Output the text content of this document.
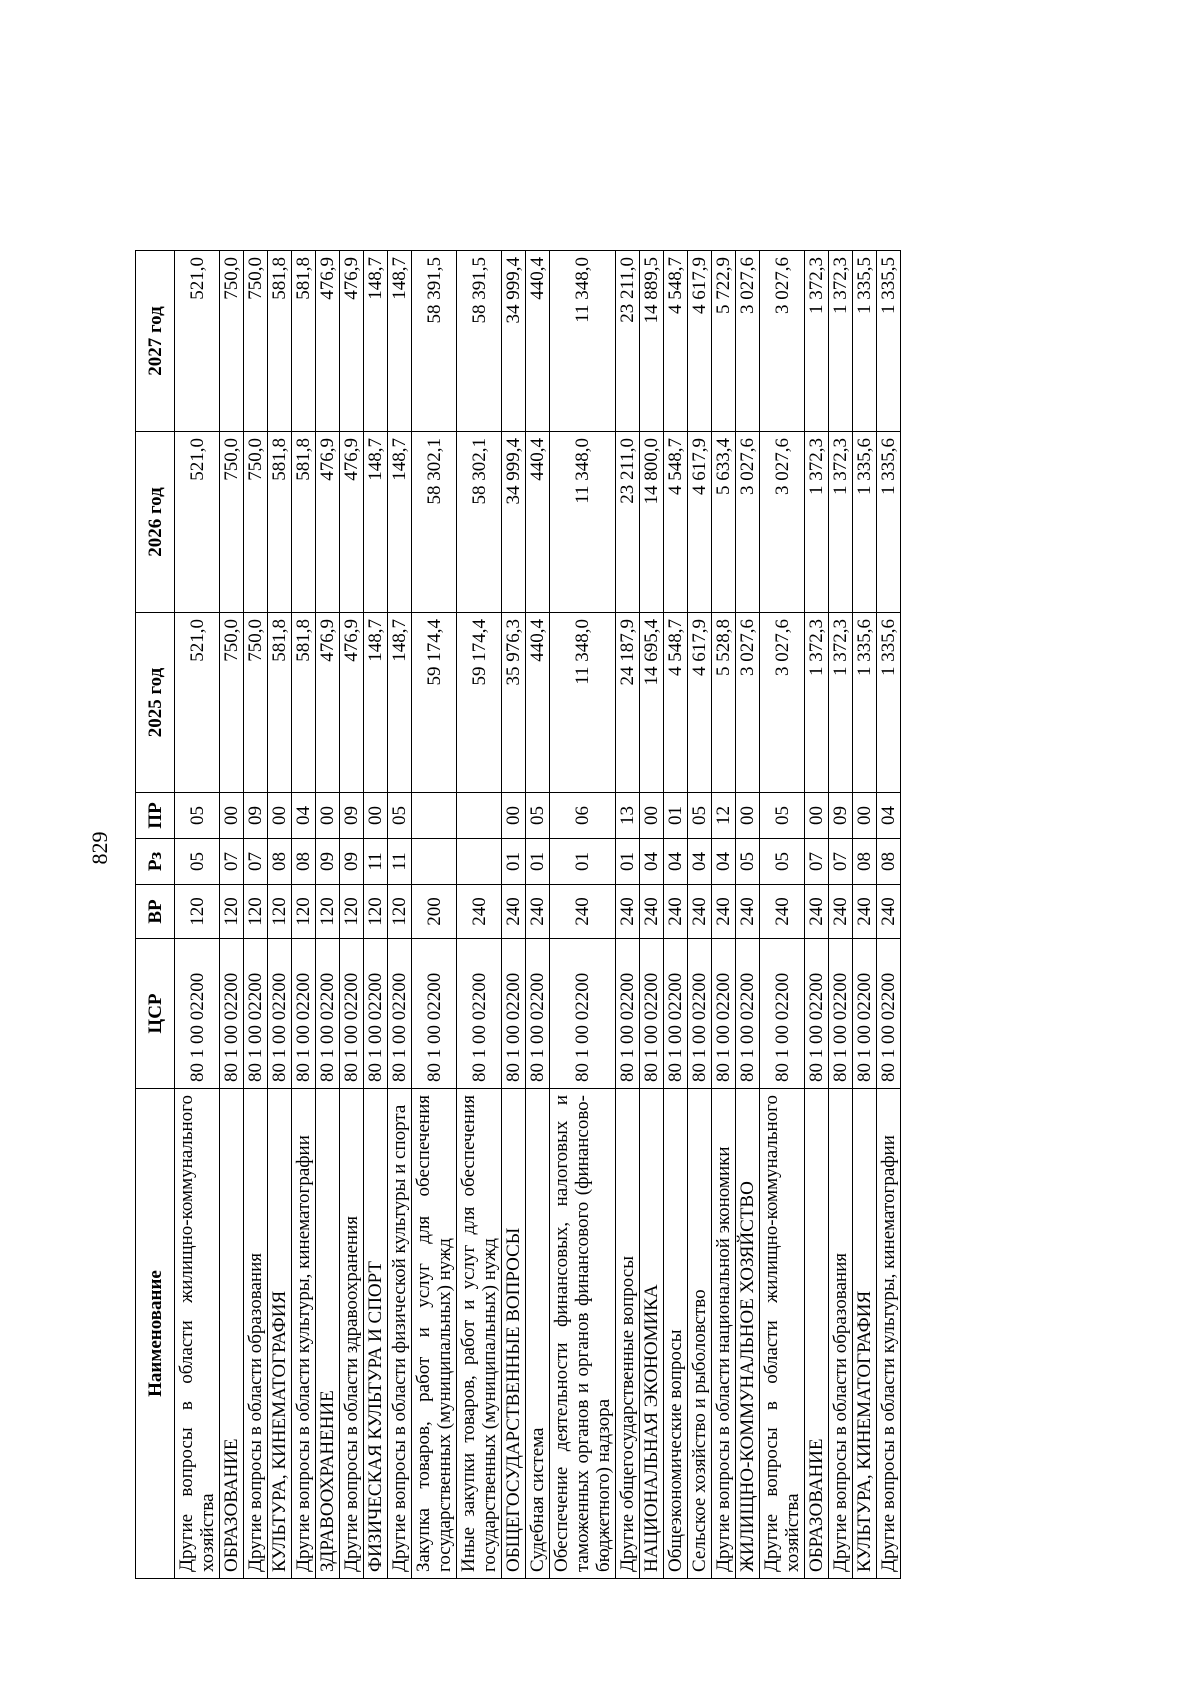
829
Наименование	ЦСР	ВР	Рз	ПР	2025 год	2026 год	2027 год
Другие вопросы в области жилищно-коммунального хозяйства	80 1 00 02200	120	05	05	521,0	521,0	521,0
ОБРАЗОВАНИЕ	80 1 00 02200	120	07	00	750,0	750,0	750,0
Другие вопросы в области образования	80 1 00 02200	120	07	09	750,0	750,0	750,0
КУЛЬТУРА, КИНЕМАТОГРАФИЯ	80 1 00 02200	120	08	00	581,8	581,8	581,8
Другие вопросы в области культуры, кинематографии	80 1 00 02200	120	08	04	581,8	581,8	581,8
ЗДРАВООХРАНЕНИЕ	80 1 00 02200	120	09	00	476,9	476,9	476,9
Другие вопросы в области здравоохранения	80 1 00 02200	120	09	09	476,9	476,9	476,9
ФИЗИЧЕСКАЯ КУЛЬТУРА И СПОРТ	80 1 00 02200	120	11	00	148,7	148,7	148,7
Другие вопросы в области физической культуры и спорта	80 1 00 02200	120	11	05	148,7	148,7	148,7
Закупка товаров, работ и услуг для обеспечения государственных (муниципальных) нужд	80 1 00 02200	200			59 174,4	58 302,1	58 391,5
Иные закупки товаров, работ и услуг для обеспечения государственных (муниципальных) нужд	80 1 00 02200	240			59 174,4	58 302,1	58 391,5
ОБЩЕГОСУДАРСТВЕННЫЕ ВОПРОСЫ	80 1 00 02200	240	01	00	35 976,3	34 999,4	34 999,4
Судебная система	80 1 00 02200	240	01	05	440,4	440,4	440,4
Обеспечение деятельности финансовых, налоговых и таможенных органов и органов финансового (финансово-бюджетного) надзора	80 1 00 02200	240	01	06	11 348,0	11 348,0	11 348,0
Другие общегосударственные вопросы	80 1 00 02200	240	01	13	24 187,9	23 211,0	23 211,0
НАЦИОНАЛЬНАЯ ЭКОНОМИКА	80 1 00 02200	240	04	00	14 695,4	14 800,0	14 889,5
Общеэкономические вопросы	80 1 00 02200	240	04	01	4 548,7	4 548,7	4 548,7
Сельское хозяйство и рыболовство	80 1 00 02200	240	04	05	4 617,9	4 617,9	4 617,9
Другие вопросы в области национальной экономики	80 1 00 02200	240	04	12	5 528,8	5 633,4	5 722,9
ЖИЛИЩНО-КОММУНАЛЬНОЕ ХОЗЯЙСТВО	80 1 00 02200	240	05	00	3 027,6	3 027,6	3 027,6
Другие вопросы в области жилищно-коммунального хозяйства	80 1 00 02200	240	05	05	3 027,6	3 027,6	3 027,6
ОБРАЗОВАНИЕ	80 1 00 02200	240	07	00	1 372,3	1 372,3	1 372,3
Другие вопросы в области образования	80 1 00 02200	240	07	09	1 372,3	1 372,3	1 372,3
КУЛЬТУРА, КИНЕМАТОГРАФИЯ	80 1 00 02200	240	08	00	1 335,6	1 335,6	1 335,5
Другие вопросы в области культуры, кинематографии	80 1 00 02200	240	08	04	1 335,6	1 335,6	1 335,5
